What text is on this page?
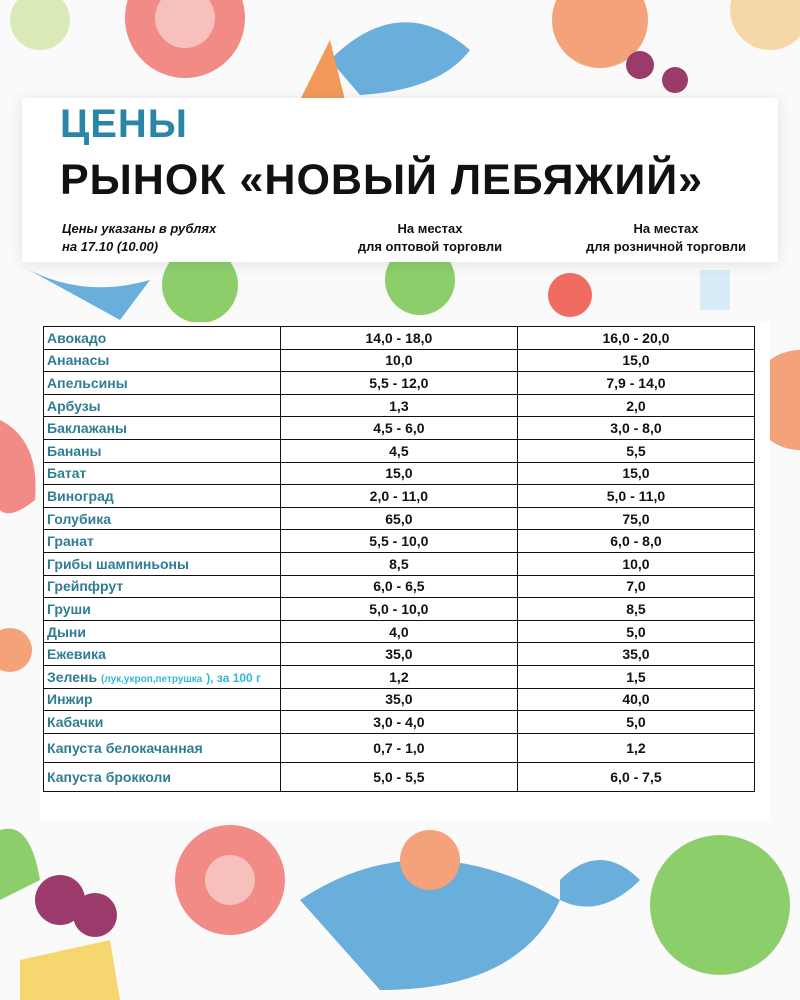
ЦЕНЫ
РЫНОК «НОВЫЙ ЛЕБЯЖИЙ»
Цены указаны в рублях
на 17.10 (10.00)
На местах
для оптовой торговли
На местах
для розничной торговли
Авокадо	14,0 - 18,0	16,0 - 20,0
Ананасы	10,0	15,0
Апельсины	5,5 - 12,0	7,9 - 14,0
Арбузы	1,3	2,0
Баклажаны	4,5 - 6,0	3,0 - 8,0
Бананы	4,5	5,5
Батат	15,0	15,0
Виноград	2,0 - 11,0	5,0 - 11,0
Голубика	65,0	75,0
Гранат	5,5 - 10,0	6,0 - 8,0
Грибы шампиньоны	8,5	10,0
Грейпфрут	6,0 - 6,5	7,0
Груши	5,0 - 10,0	8,5
Дыни	4,0	5,0
Ежевика	35,0	35,0
Зелень (лук,укроп,петрушка ), за 100 г	1,2	1,5
Инжир	35,0	40,0
Кабачки	3,0 - 4,0	5,0
Капуста белокачанная	0,7 - 1,0	1,2
Капуста брокколи	5,0 - 5,5	6,0 - 7,5
